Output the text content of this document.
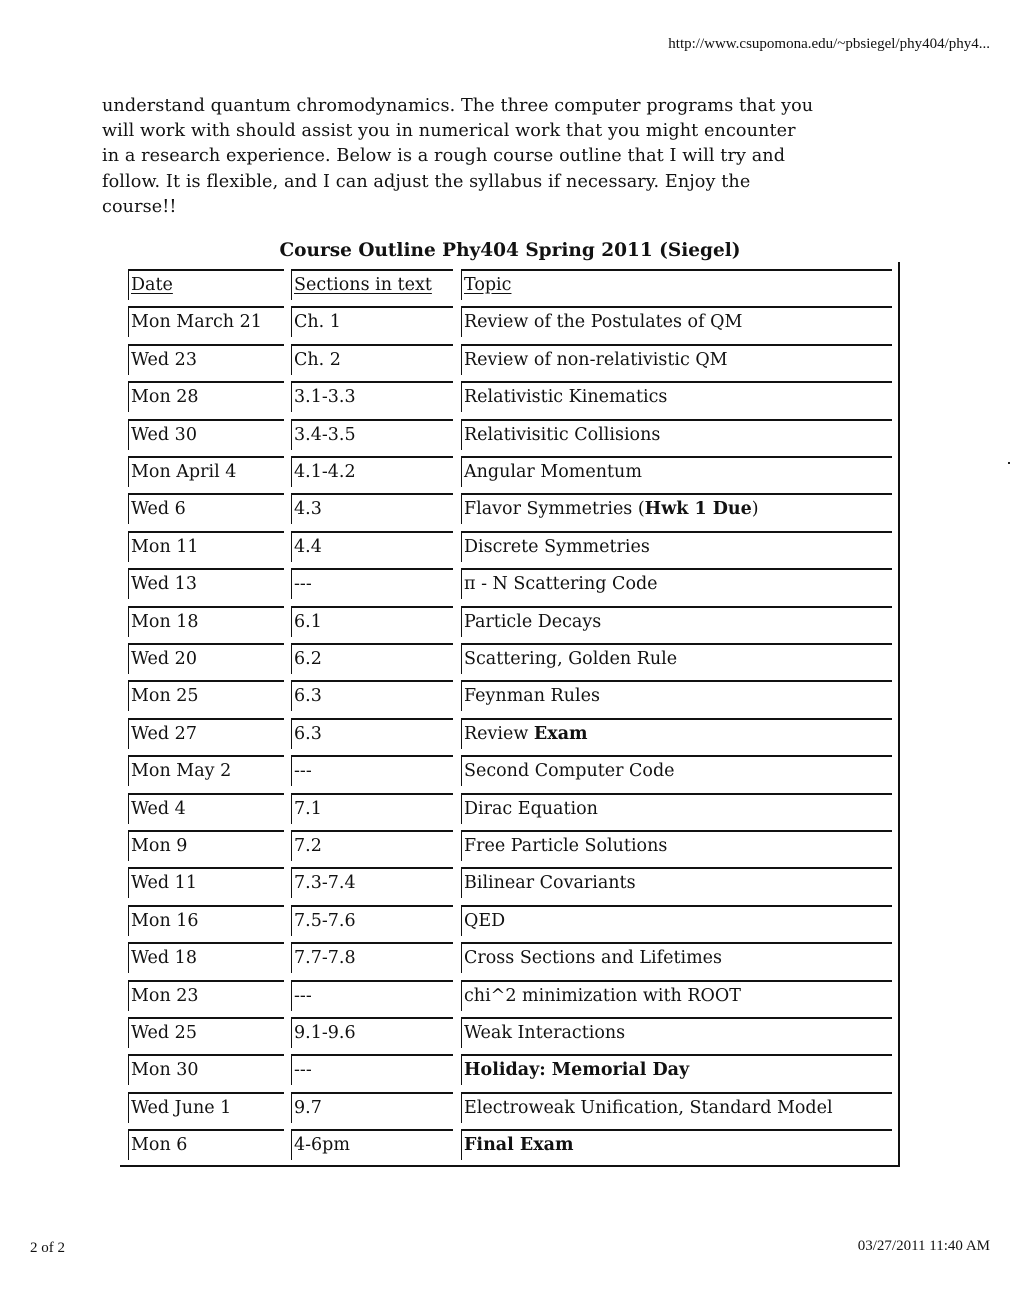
http://www.csupomona.edu/~pbsiegel/phy404/phy4...

understand quantum chromodynamics. The three computer programs that you

will work with should assist you in numerical work that you might encounter

in a research experience. Below is a rough course outline that I will try and

follow. It is flexible, and I can adjust the syllabus if necessary. Enjoy the

course!!

Course Outline Phy404 Spring 2011 (Siegel)
Date	Sections in text	Topic
Mon March 21	Ch. 1	Review of the Postulates of QM
Wed 23	Ch. 2	Review of non-relativistic QM
Mon 28	3.1-3.3	Relativistic Kinematics
Wed 30	3.4-3.5	Relativisitic Collisions
Mon April 4	4.1-4.2	Angular Momentum
Wed 6	4.3	Flavor Symmetries (Hwk 1 Due)
Mon 11	4.4	Discrete Symmetries
Wed 13	---	π - N Scattering Code
Mon 18	6.1	Particle Decays
Wed 20	6.2	Scattering, Golden Rule
Mon 25	6.3	Feynman Rules
Wed 27	6.3	Review Exam
Mon May 2	---	Second Computer Code
Wed 4	7.1	Dirac Equation
Mon 9	7.2	Free Particle Solutions
Wed 11	7.3-7.4	Bilinear Covariants
Mon 16	7.5-7.6	QED
Wed 18	7.7-7.8	Cross Sections and Lifetimes
Mon 23	---	chi^2 minimization with ROOT
Wed 25	9.1-9.6	Weak Interactions
Mon 30	---	Holiday: Memorial Day
Wed June 1	9.7	Electroweak Unification, Standard Model
Mon 6	4-6pm	Final Exam
2 of 2	03/27/2011 11:40 AM
